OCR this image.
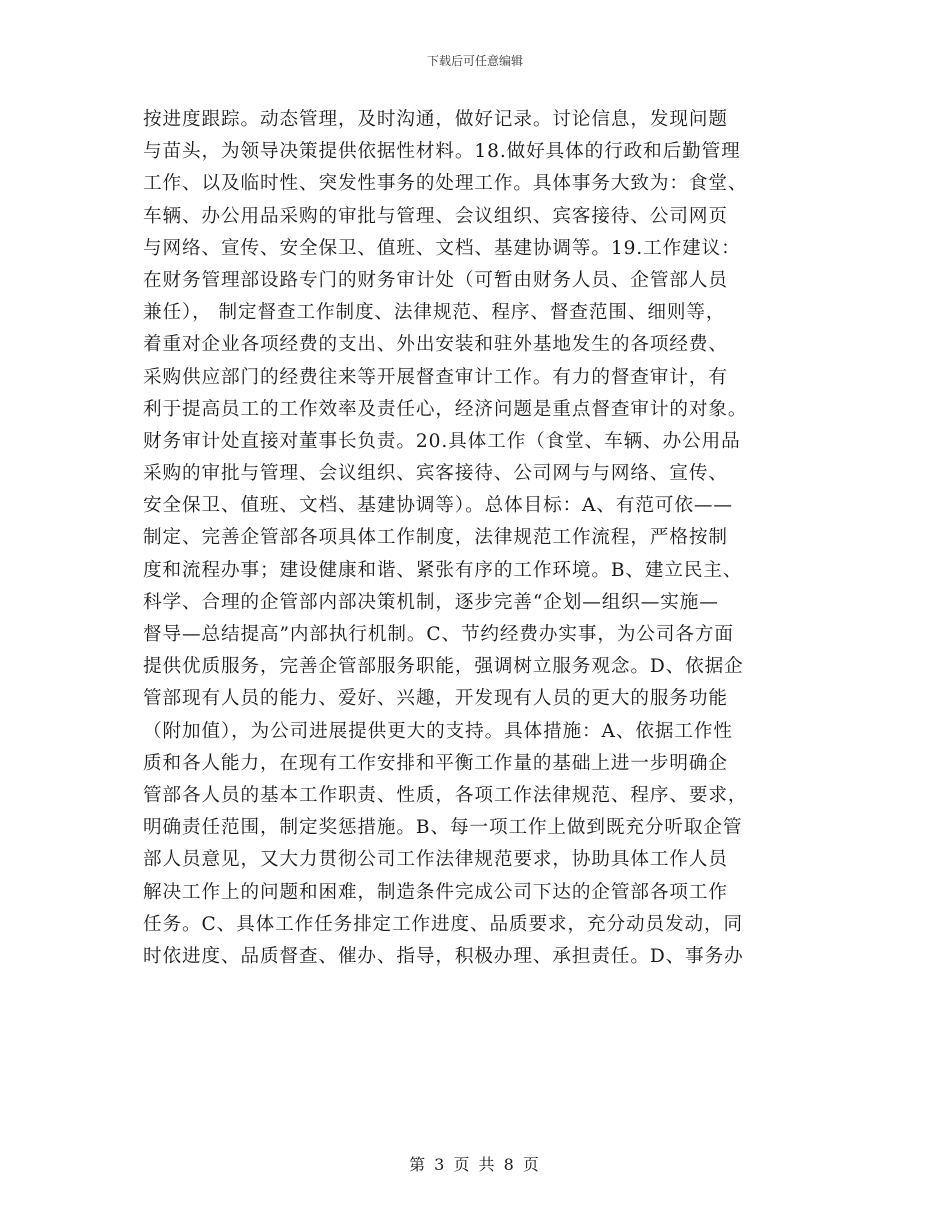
下载后可任意编辑
按进度跟踪。动态管理，及时沟通，做好记录。讨论信息，发现问题
与苗头，为领导决策提供依据性材料。18.做好具体的行政和后勤管理
工作、以及临时性、突发性事务的处理工作。具体事务大致为：食堂、
车辆、办公用品采购的审批与管理、会议组织、宾客接待、公司网页
与网络、宣传、安全保卫、值班、文档、基建协调等。19.工作建议：
在财务管理部设路专门的财务审计处（可暂由财务人员、企管部人员
兼任）， 制定督查工作制度、法律规范、程序、督查范围、细则等，
着重对企业各项经费的支出、外出安装和驻外基地发生的各项经费、
采购供应部门的经费往来等开展督查审计工作。有力的督查审计，有
利于提高员工的工作效率及责任心，经济问题是重点督查审计的对象。
财务审计处直接对董事长负责。20.具体工作（食堂、车辆、办公用品
采购的审批与管理、会议组织、宾客接待、公司网与与网络、宣传、
安全保卫、值班、文档、基建协调等）。总体目标：A、有范可依——
制定、完善企管部各项具体工作制度，法律规范工作流程，严格按制
度和流程办事；建设健康和谐、紧张有序的工作环境。B、建立民主、
科学、合理的企管部内部决策机制，逐步完善“企划—组织—实施—
督导—总结提高”内部执行机制。C、节约经费办实事，为公司各方面
提供优质服务，完善企管部服务职能，强调树立服务观念。D、依据企
管部现有人员的能力、爱好、兴趣，开发现有人员的更大的服务功能
（附加值），为公司进展提供更大的支持。具体措施：A、依据工作性
质和各人能力，在现有工作安排和平衡工作量的基础上进一步明确企
管部各人员的基本工作职责、性质，各项工作法律规范、程序、要求，
明确责任范围，制定奖惩措施。B、每一项工作上做到既充分听取企管
部人员意见，又大力贯彻公司工作法律规范要求，协助具体工作人员
解决工作上的问题和困难，制造条件完成公司下达的企管部各项工作
任务。C、具体工作任务排定工作进度、品质要求，充分动员发动，同
时依进度、品质督查、催办、指导，积极办理、承担责任。D、事务办
第 3 页 共 8 页
